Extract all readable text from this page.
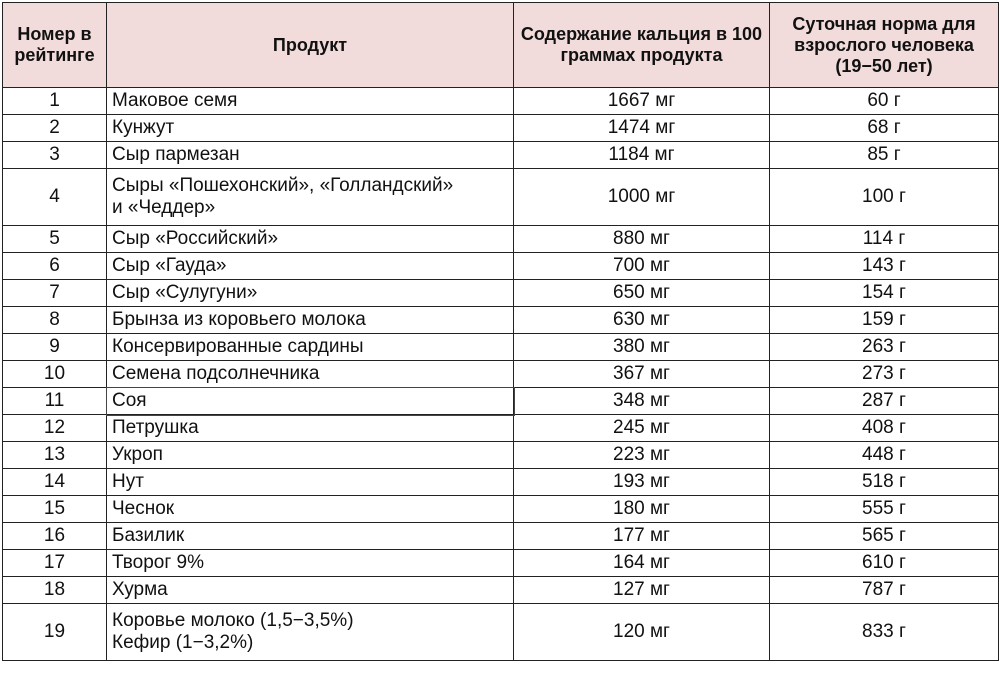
Номер в рейтинге	Продукт	Содержание кальция в 100 граммах продукта	Суточная норма для взрослого человека (19−50 лет)
1	Маковое семя	1667 мг	60 г
2	Кунжут	1474 мг	68 г
3	Сыр пармезан	1184 мг	85 г
4	Сыры «Пошехонский», «Голландский»
и «Чеддер»	1000 мг	100 г
5	Сыр «Российский»	880 мг	114 г
6	Сыр «Гауда»	700 мг	143 г
7	Сыр «Сулугуни»	650 мг	154 г
8	Брынза из коровьего молока	630 мг	159 г
9	Консервированные сардины	380 мг	263 г
10	Семена подсолнечника	367 мг	273 г
11	Соя	348 мг	287 г
12	Петрушка	245 мг	408 г
13	Укроп	223 мг	448 г
14	Нут	193 мг	518 г
15	Чеснок	180 мг	555 г
16	Базилик	177 мг	565 г
17	Творог 9%	164 мг	610 г
18	Хурма	127 мг	787 г
19	Коровье молоко (1,5−3,5%)
Кефир (1−3,2%)	120 мг	833 г
